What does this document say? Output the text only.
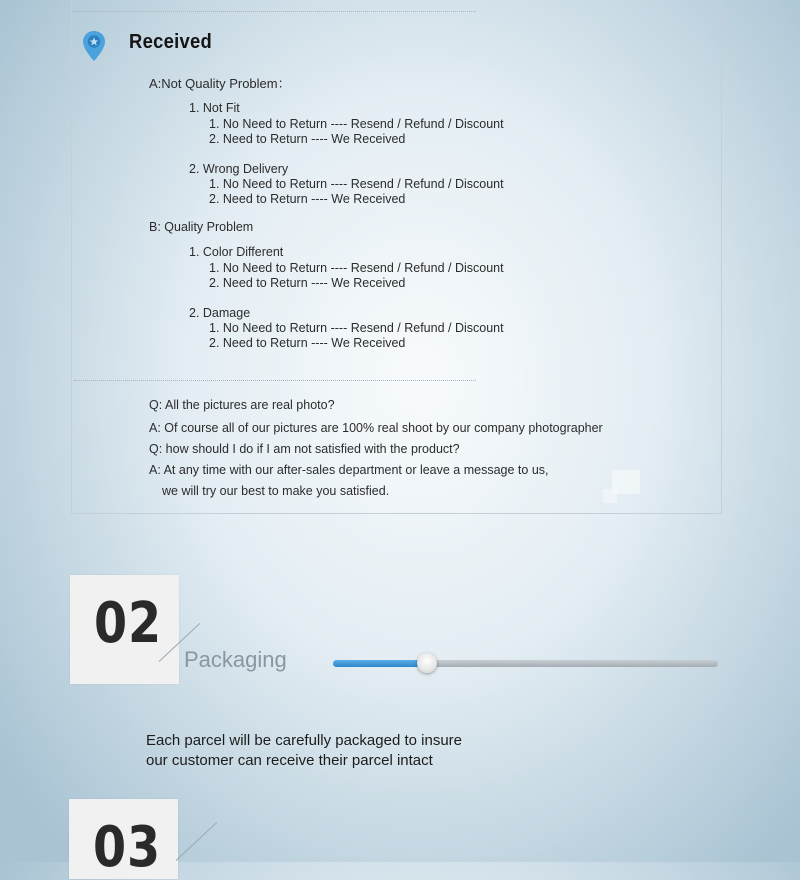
Received

A:Not Quality Problem：

1. Not Fit

1. No Need to Return ---- Resend / Refund / Discount

2. Need to Return ---- We Received

2. Wrong Delivery

1. No Need to Return ---- Resend / Refund / Discount

2. Need to Return ---- We Received

B: Quality Problem

1. Color Different

1. No Need to Return ---- Resend / Refund / Discount

2. Need to Return ---- We Received

2. Damage

1. No Need to Return ---- Resend / Refund / Discount

2. Need to Return ---- We Received

Q: All the pictures are real photo?

A: Of course all of our pictures are 100% real shoot by our company photographer

Q: how should I do if I am not satisfied with the product?

A: At any time with our after-sales department or leave a message to us,

we will try our best to make you satisfied.

02

Packaging

Each parcel will be carefully packaged to insure

our customer can receive their parcel intact

03
